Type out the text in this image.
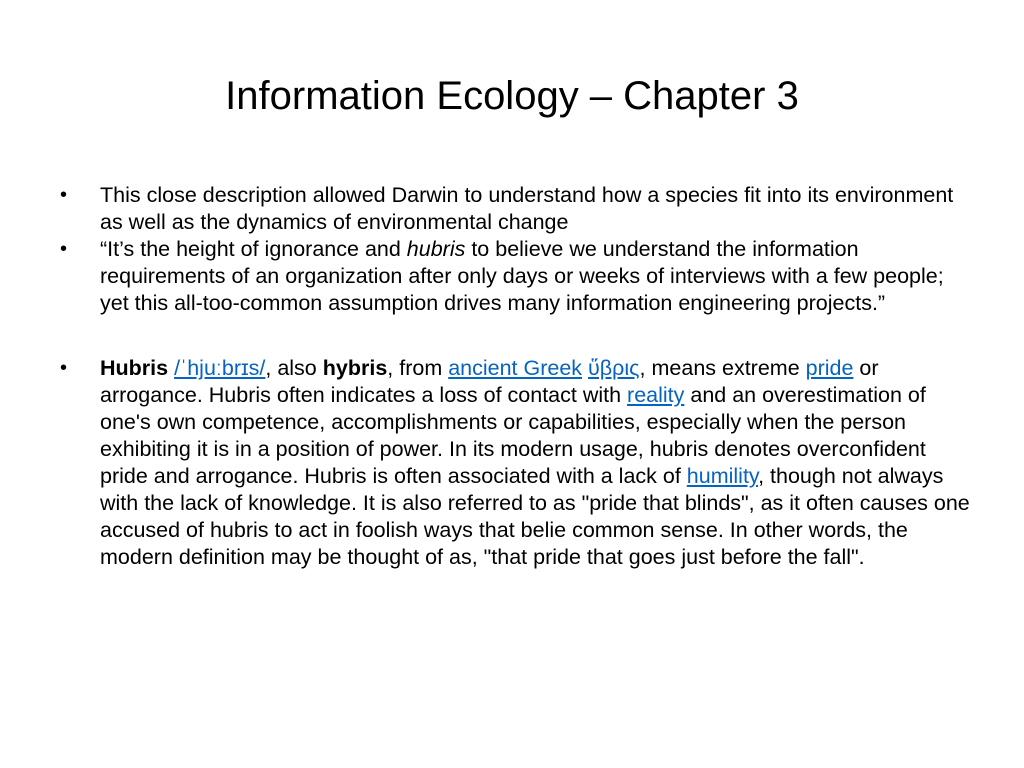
Information Ecology – Chapter 3
•	This close description allowed Darwin to understand how a species fit into its environment as well as the dynamics of environmental change
•	“It’s the height of ignorance and hubris to believe we understand the information requirements of an organization after only days or weeks of interviews with a few people; yet this all-too-common assumption drives many information engineering projects.”
•	Hubris /ˈhjuːbrɪs/, also hybris, from ancient Greek ὕβρις, means extreme pride or arrogance. Hubris often indicates a loss of contact with reality and an overestimation of one's own competence, accomplishments or capabilities, especially when the person exhibiting it is in a position of power. In its modern usage, hubris denotes overconfident pride and arrogance. Hubris is often associated with a lack of humility, though not always with the lack of knowledge. It is also referred to as "pride that blinds", as it often causes one accused of hubris to act in foolish ways that belie common sense. In other words, the modern definition may be thought of as, "that pride that goes just before the fall".
